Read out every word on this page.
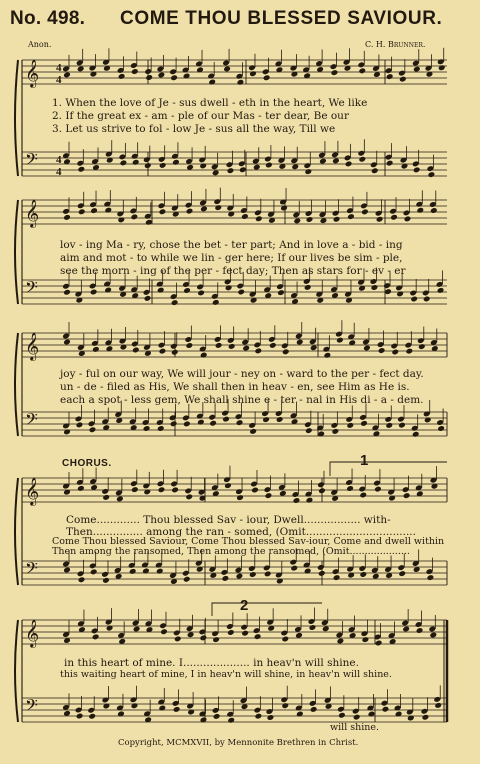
No. 498. COME THOU BLESSED SAVIOUR.
Anon.	C. H. Brunner.
𝄞
𝄢
𝄞
𝄢
𝄞
𝄢
𝄞
𝄢
𝄞
𝄢
4
4
4
4
1. When the love of Je - sus dwell - eth in the heart, We like
2. If the great ex - am - ple of our Mas - ter dear, Be our
3. Let us strive to fol - low Je - sus all the way, Till we
lov - ing Ma - ry, chose the bet - ter part; And in love a - bid - ing
aim and mot - to while we lin - ger here; If our lives be sim - ple,
see the morn - ing of the per - fect day; Then as stars for - ev - er
joy - ful on our way, We will jour - ney on - ward to the per - fect day.
un - de - filed as His, We shall then in heav - en, see Him as He is.
each a spot - less gem, We shall shine e - ter - nal in His di - a - dem.
CHORUS.	1
Come............. Thou blessed Sav - iour, Dwell................. with-
Then............... among the ran - somed, (Omit.................................
Come Thou blessed Saviour, Come Thou blessed Sav-iour, Come and dwell within
Then among the ransomed, Then among the ransomed, (Omit....................
2
in this heart of mine. I.................... in heav'n will shine.
this waiting heart of mine, I in heav'n will shine, in heav'n will shine.
will shine.
Copyright, MCMXVII, by Mennonite Brethren in Christ.
